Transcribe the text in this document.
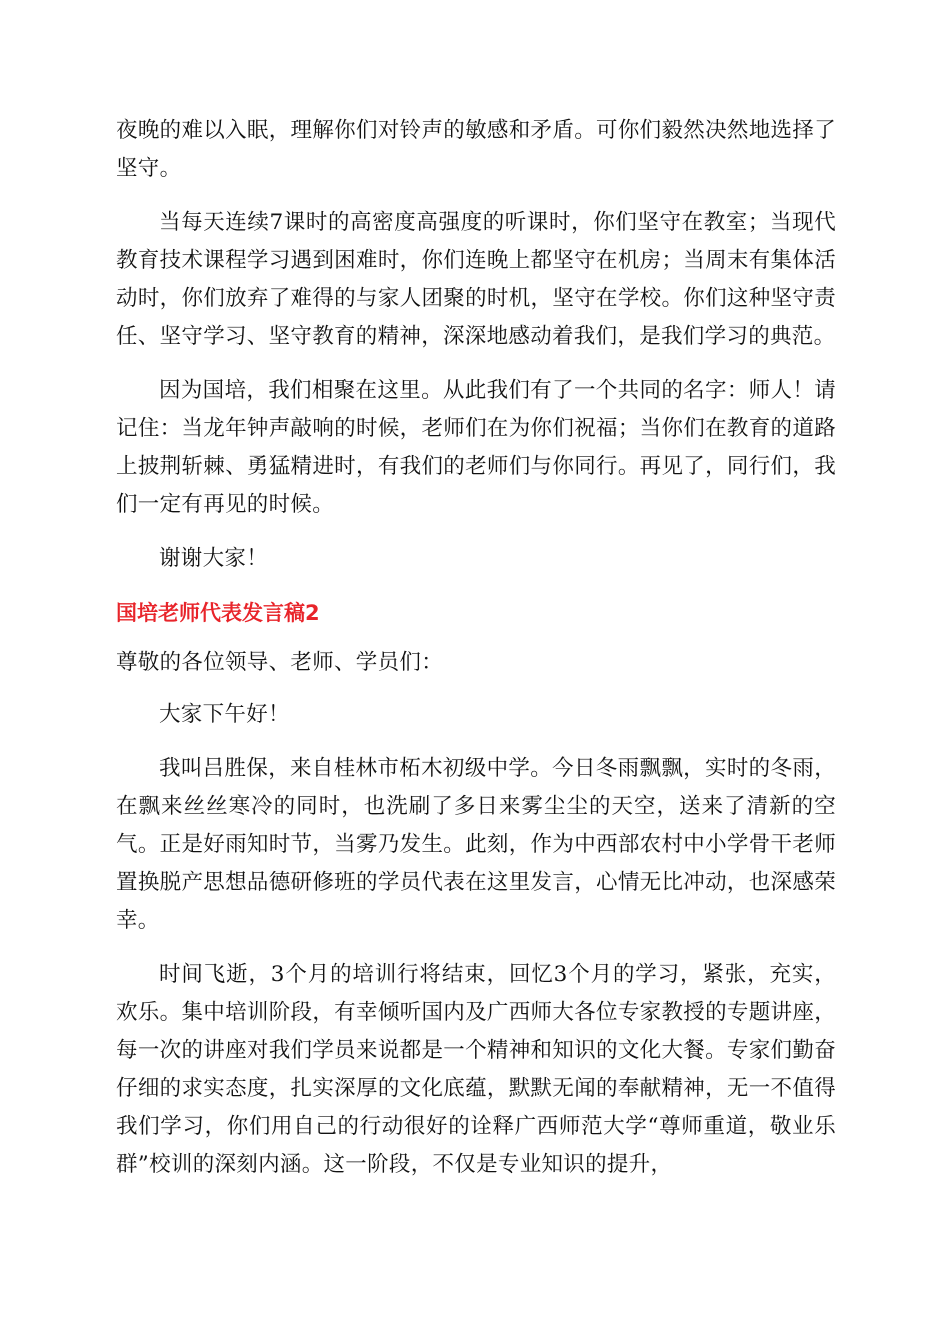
夜晚的难以入眠，理解你们对铃声的敏感和矛盾。可你们毅然决然地选择了坚守。

当每天连续7课时的高密度高强度的听课时，你们坚守在教室；当现代教育技术课程学习遇到困难时，你们连晚上都坚守在机房；当周末有集体活动时，你们放弃了难得的与家人团聚的时机，坚守在学校。你们这种坚守责任、坚守学习、坚守教育的精神，深深地感动着我们，是我们学习的典范。

因为国培，我们相聚在这里。从此我们有了一个共同的名字：师人！请记住：当龙年钟声敲响的时候，老师们在为你们祝福；当你们在教育的道路上披荆斩棘、勇猛精进时，有我们的老师们与你同行。再见了，同行们，我们一定有再见的时候。

谢谢大家！

国培老师代表发言稿2

尊敬的各位领导、老师、学员们：

大家下午好！

我叫吕胜保，来自桂林市柘木初级中学。今日冬雨飘飘，实时的冬雨，在飘来丝丝寒冷的同时，也洗刷了多日来雾尘尘的天空，送来了清新的空气。正是好雨知时节，当雾乃发生。此刻，作为中西部农村中小学骨干老师置换脱产思想品德研修班的学员代表在这里发言，心情无比冲动，也深感荣幸。

时间飞逝，3个月的培训行将结束，回忆3个月的学习，紧张，充实，欢乐。集中培训阶段，有幸倾听国内及广西师大各位专家教授的专题讲座，每一次的讲座对我们学员来说都是一个精神和知识的文化大餐。专家们勤奋仔细的求实态度，扎实深厚的文化底蕴，默默无闻的奉献精神，无一不值得我们学习，你们用自己的行动很好的诠释广西师范大学“尊师重道，敬业乐群”校训的深刻内涵。这一阶段，不仅是专业知识的提升，
